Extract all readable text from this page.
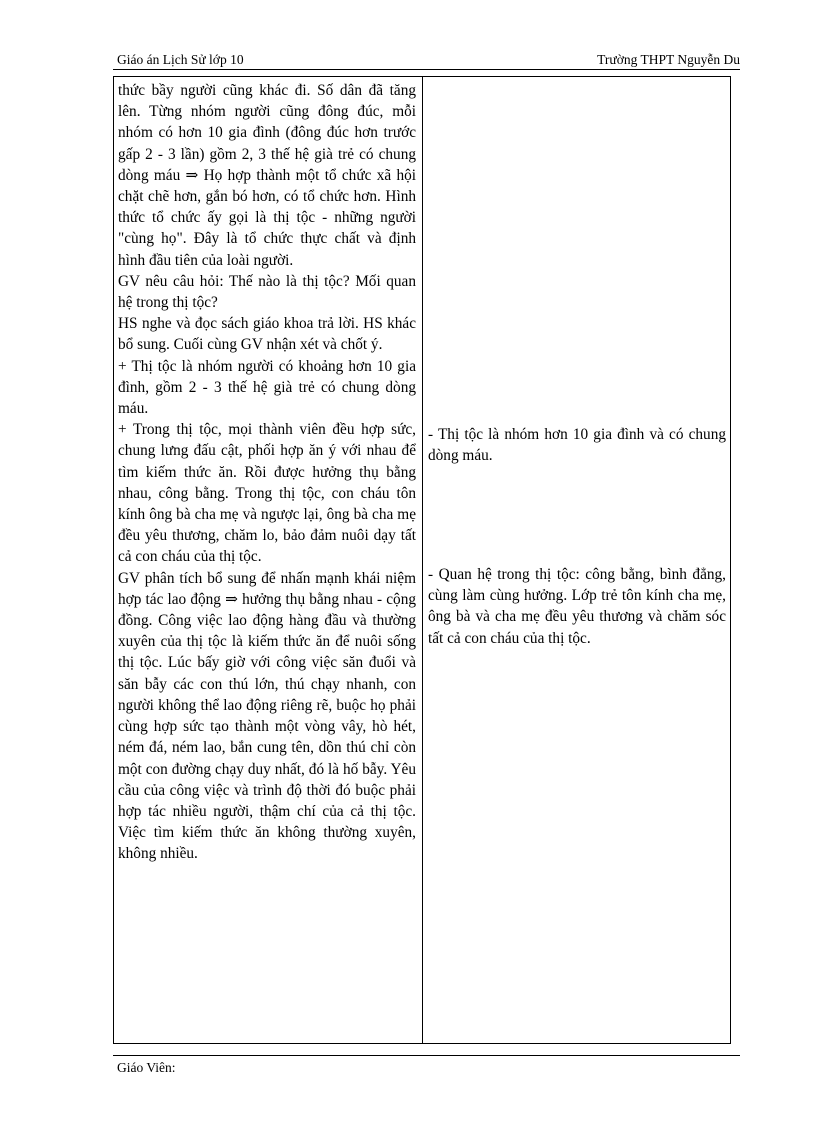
Giáo án Lịch Sử lớp 10	Trường THPT Nguyễn Du

thức bầy người cũng khác đi. Số dân đã tăng lên. Từng nhóm người cũng đông đúc, mỗi nhóm có hơn 10 gia đình (đông đúc hơn trước gấp 2 - 3 lần) gồm 2, 3 thế hệ già trẻ có chung dòng máu ⇒ Họ hợp thành một tổ chức xã hội chặt chẽ hơn, gắn bó hơn, có tổ chức hơn. Hình thức tổ chức ấy gọi là thị tộc - những người "cùng họ". Đây là tổ chức thực chất và định hình đầu tiên của loài người.

GV nêu câu hỏi: Thế nào là thị tộc? Mối quan hệ trong thị tộc?

HS nghe và đọc sách giáo khoa trả lời. HS khác bổ sung. Cuối cùng GV nhận xét và chốt ý.

+ Thị tộc là nhóm người có khoảng hơn 10 gia đình, gồm 2 - 3 thế hệ già trẻ có chung dòng máu.

+ Trong thị tộc, mọi thành viên đều hợp sức, chung lưng đấu cật, phối hợp ăn ý với nhau để tìm kiếm thức ăn. Rồi được hưởng thụ bằng nhau, công bằng. Trong thị tộc, con cháu tôn kính ông bà cha mẹ và ngược lại, ông bà cha mẹ đều yêu thương, chăm lo, bảo đảm nuôi dạy tất cả con cháu của thị tộc.

GV phân tích bổ sung để nhấn mạnh khái niệm hợp tác lao động ⇒ hưởng thụ bằng nhau - cộng đồng. Công việc lao động hàng đầu và thường xuyên của thị tộc là kiếm thức ăn để nuôi sống thị tộc. Lúc bấy giờ với công việc săn đuổi và săn bẫy các con thú lớn, thú chạy nhanh, con người không thể lao động riêng rẽ, buộc họ phải cùng hợp sức tạo thành một vòng vây, hò hét, ném đá, ném lao, bắn cung tên, dồn thú chỉ còn một con đường chạy duy nhất, đó là hố bẫy. Yêu cầu của công việc và trình độ thời đó buộc phải hợp tác nhiều người, thậm chí của cả thị tộc. Việc tìm kiếm thức ăn không thường xuyên, không nhiều.

- Thị tộc là nhóm hơn 10 gia đình và có chung dòng máu.

- Quan hệ trong thị tộc: công bằng, bình đẳng, cùng làm cùng hưởng. Lớp trẻ tôn kính cha mẹ, ông bà và cha mẹ đều yêu thương và chăm sóc tất cả con cháu của thị tộc.

Giáo Viên:
